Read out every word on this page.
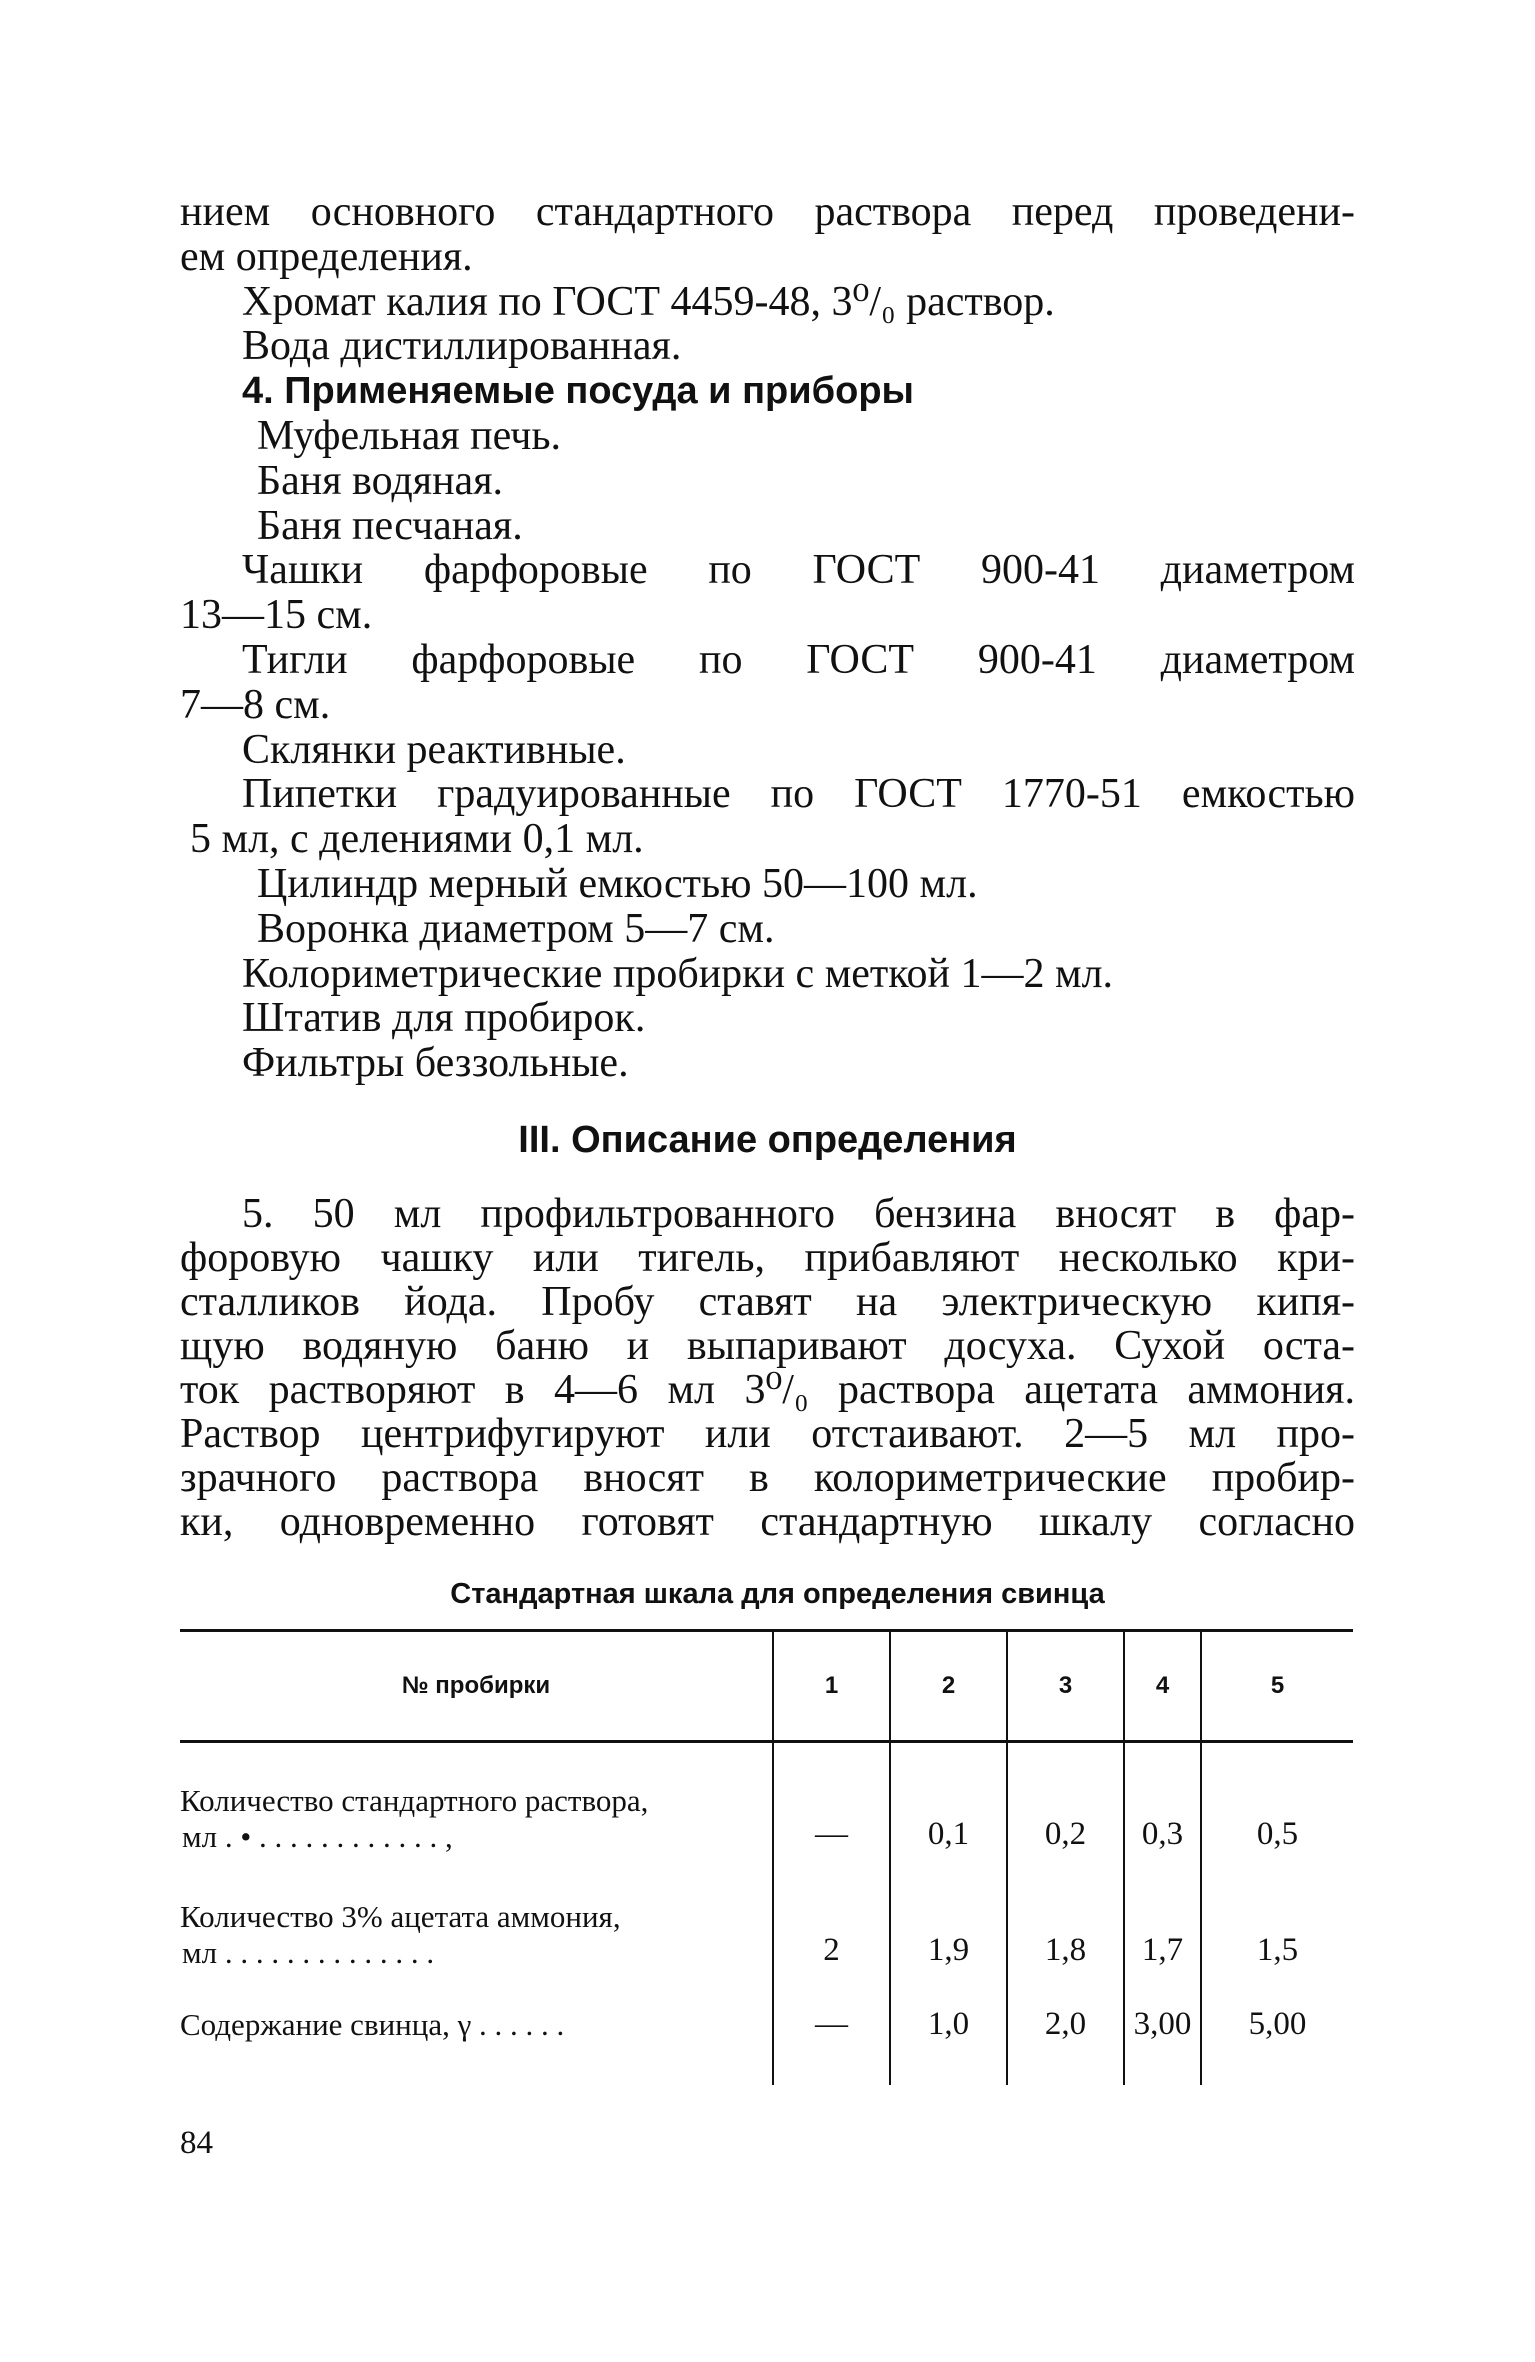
нием основного стандартного раствора перед проведени-
ем определения.
Хромат калия по ГОСТ 4459-48, 3⁰/₀ раствор.
Вода дистиллированная.
4. Применяемые посуда и приборы
Муфельная печь.
Баня водяная.
Баня песчаная.
Чашки фарфоровые по ГОСТ 900-41 диаметром
13—15 см.
Тигли фарфоровые по ГОСТ 900-41 диаметром
7—8 см.
Склянки реактивные.
Пипетки градуированные по ГОСТ 1770-51 емкостью
5 мл, с делениями 0,1 мл.
Цилиндр мерный емкостью 50—100 мл.
Воронка диаметром 5—7 см.
Колориметрические пробирки с меткой 1—2 мл.
Штатив для пробирок.
Фильтры беззольные.
III. Описание определения
5. 50 мл профильтрованного бензина вносят в фар-
форовую чашку или тигель, прибавляют несколько кри-
сталликов йода. Пробу ставят на электрическую кипя-
щую водяную баню и выпаривают досуха. Сухой оста-
ток растворяют в 4—6 мл 3⁰/₀ раствора ацетата аммония.
Раствор центрифугируют или отстаивают. 2—5 мл про-
зрачного раствора вносят в колориметрические пробир-
ки, одновременно готовят стандартную шкалу согласно
Стандартная шкала для определения свинца
№ пробирки	1	2	3	4	5

Количество стандартного раствора,
мл . • . . . . . . . . . . . . ,	—	0,1	0,2	0,3	0,5

Количество 3% ацетата аммония,
мл . . . . . . . . . . . . . .	2	1,9	1,8	1,7	1,5

Содержание свинца, γ . . . . . .	—	1,0	2,0	3,00	5,00

84
